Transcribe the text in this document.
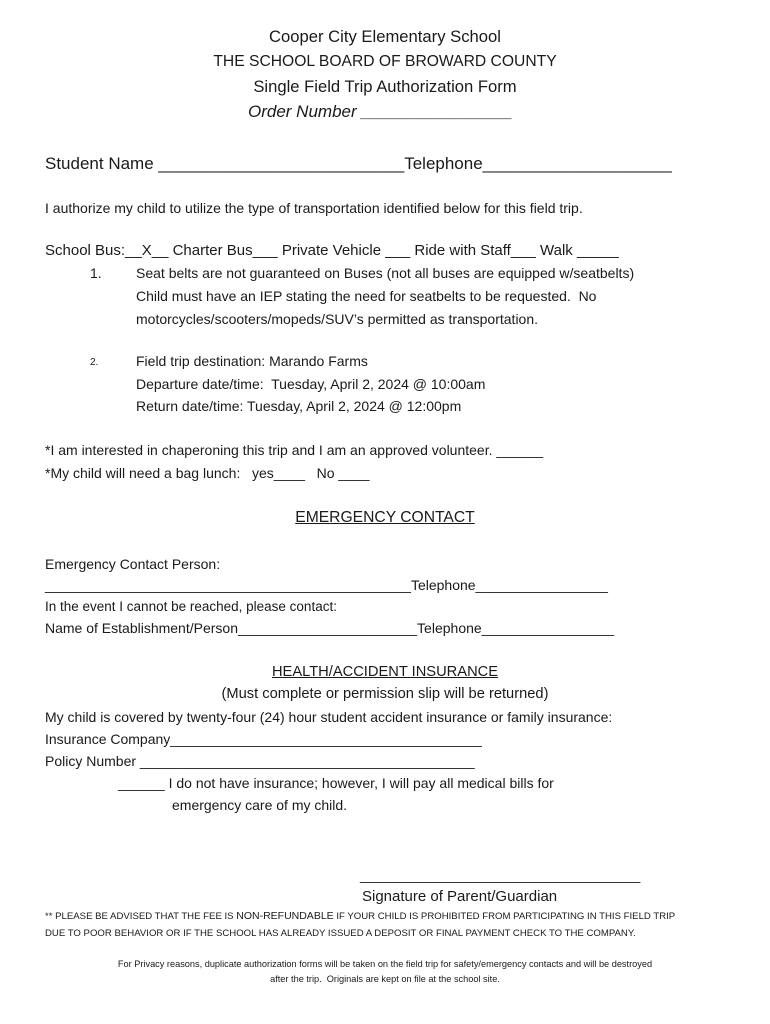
Cooper City Elementary School
THE SCHOOL BOARD OF BROWARD COUNTY
Single Field Trip Authorization Form
Order Number ________________
Student Name __________________________Telephone____________________
I authorize my child to utilize the type of transportation identified below for this field trip.
School Bus:__X__ Charter Bus___ Private Vehicle ___ Ride with Staff___ Walk _____
1. Seat belts are not guaranteed on Buses (not all buses are equipped w/seatbelts)
Child must have an IEP stating the need for seatbelts to be requested.  No
motorcycles/scooters/mopeds/SUV’s permitted as transportation.
2.	Field trip destination: Marando Farms
Departure date/time:  Tuesday, April 2, 2024 @ 10:00am
Return date/time: Tuesday, April 2, 2024 @ 12:00pm
*I am interested in chaperoning this trip and I am an approved volunteer. ______
*My child will need a bag lunch:   yes____   No ____
EMERGENCY CONTACT
Emergency Contact Person:
_______________________________________________Telephone_________________
In the event I cannot be reached, please contact:
Name of Establishment/Person_______________________Telephone_________________
HEALTH/ACCIDENT INSURANCE
(Must complete or permission slip will be returned)
My child is covered by twenty-four (24) hour student accident insurance or family insurance:
Insurance Company________________________________________
Policy Number ___________________________________________
______ I do not have insurance; however, I will pay all medical bills for
emergency care of my child.
____________________________________
Signature of Parent/Guardian
** PLEASE BE ADVISED THAT THE FEE IS NON-REFUNDABLE IF YOUR CHILD IS PROHIBITED FROM PARTICIPATING IN THIS FIELD TRIP
DUE TO POOR BEHAVIOR OR IF THE SCHOOL HAS ALREADY ISSUED A DEPOSIT OR FINAL PAYMENT CHECK TO THE COMPANY.
For Privacy reasons, duplicate authorization forms will be taken on the field trip for safety/emergency contacts and will be destroyed
after the trip.  Originals are kept on file at the school site.
